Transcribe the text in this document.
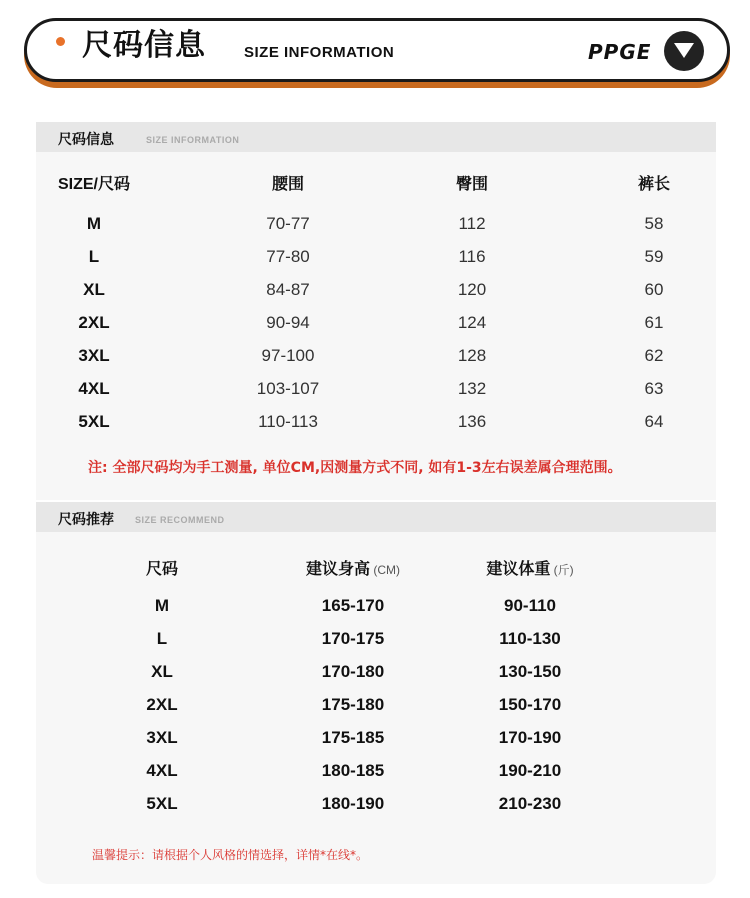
尺码信息	SIZE INFORMATION	PPGE
尺码信息	SIZE INFORMATION
SIZE/尺码	腰围	臀围	裤长
M	70-77	112	58
L	77-80	116	59
XL	84-87	120	60
2XL	90-94	124	61
3XL	97-100	128	62
4XL	103-107	132	63
5XL	110-113	136	64
注: 全部尺码均为手工测量, 单位CM,因测量方式不同, 如有1-3左右误差属合理范围。
尺码推荐 SIZE RECOMMEND
尺码	建议身高 (CM)	建议体重 (斤)
M	165-170	90-110
L	170-175	110-130
XL	170-180	130-150
2XL	175-180	150-170
3XL	175-185	170-190
4XL	180-185	190-210
5XL	180-190	210-230
温馨提示：请根据个人风格的情选择，详情*在线*。
